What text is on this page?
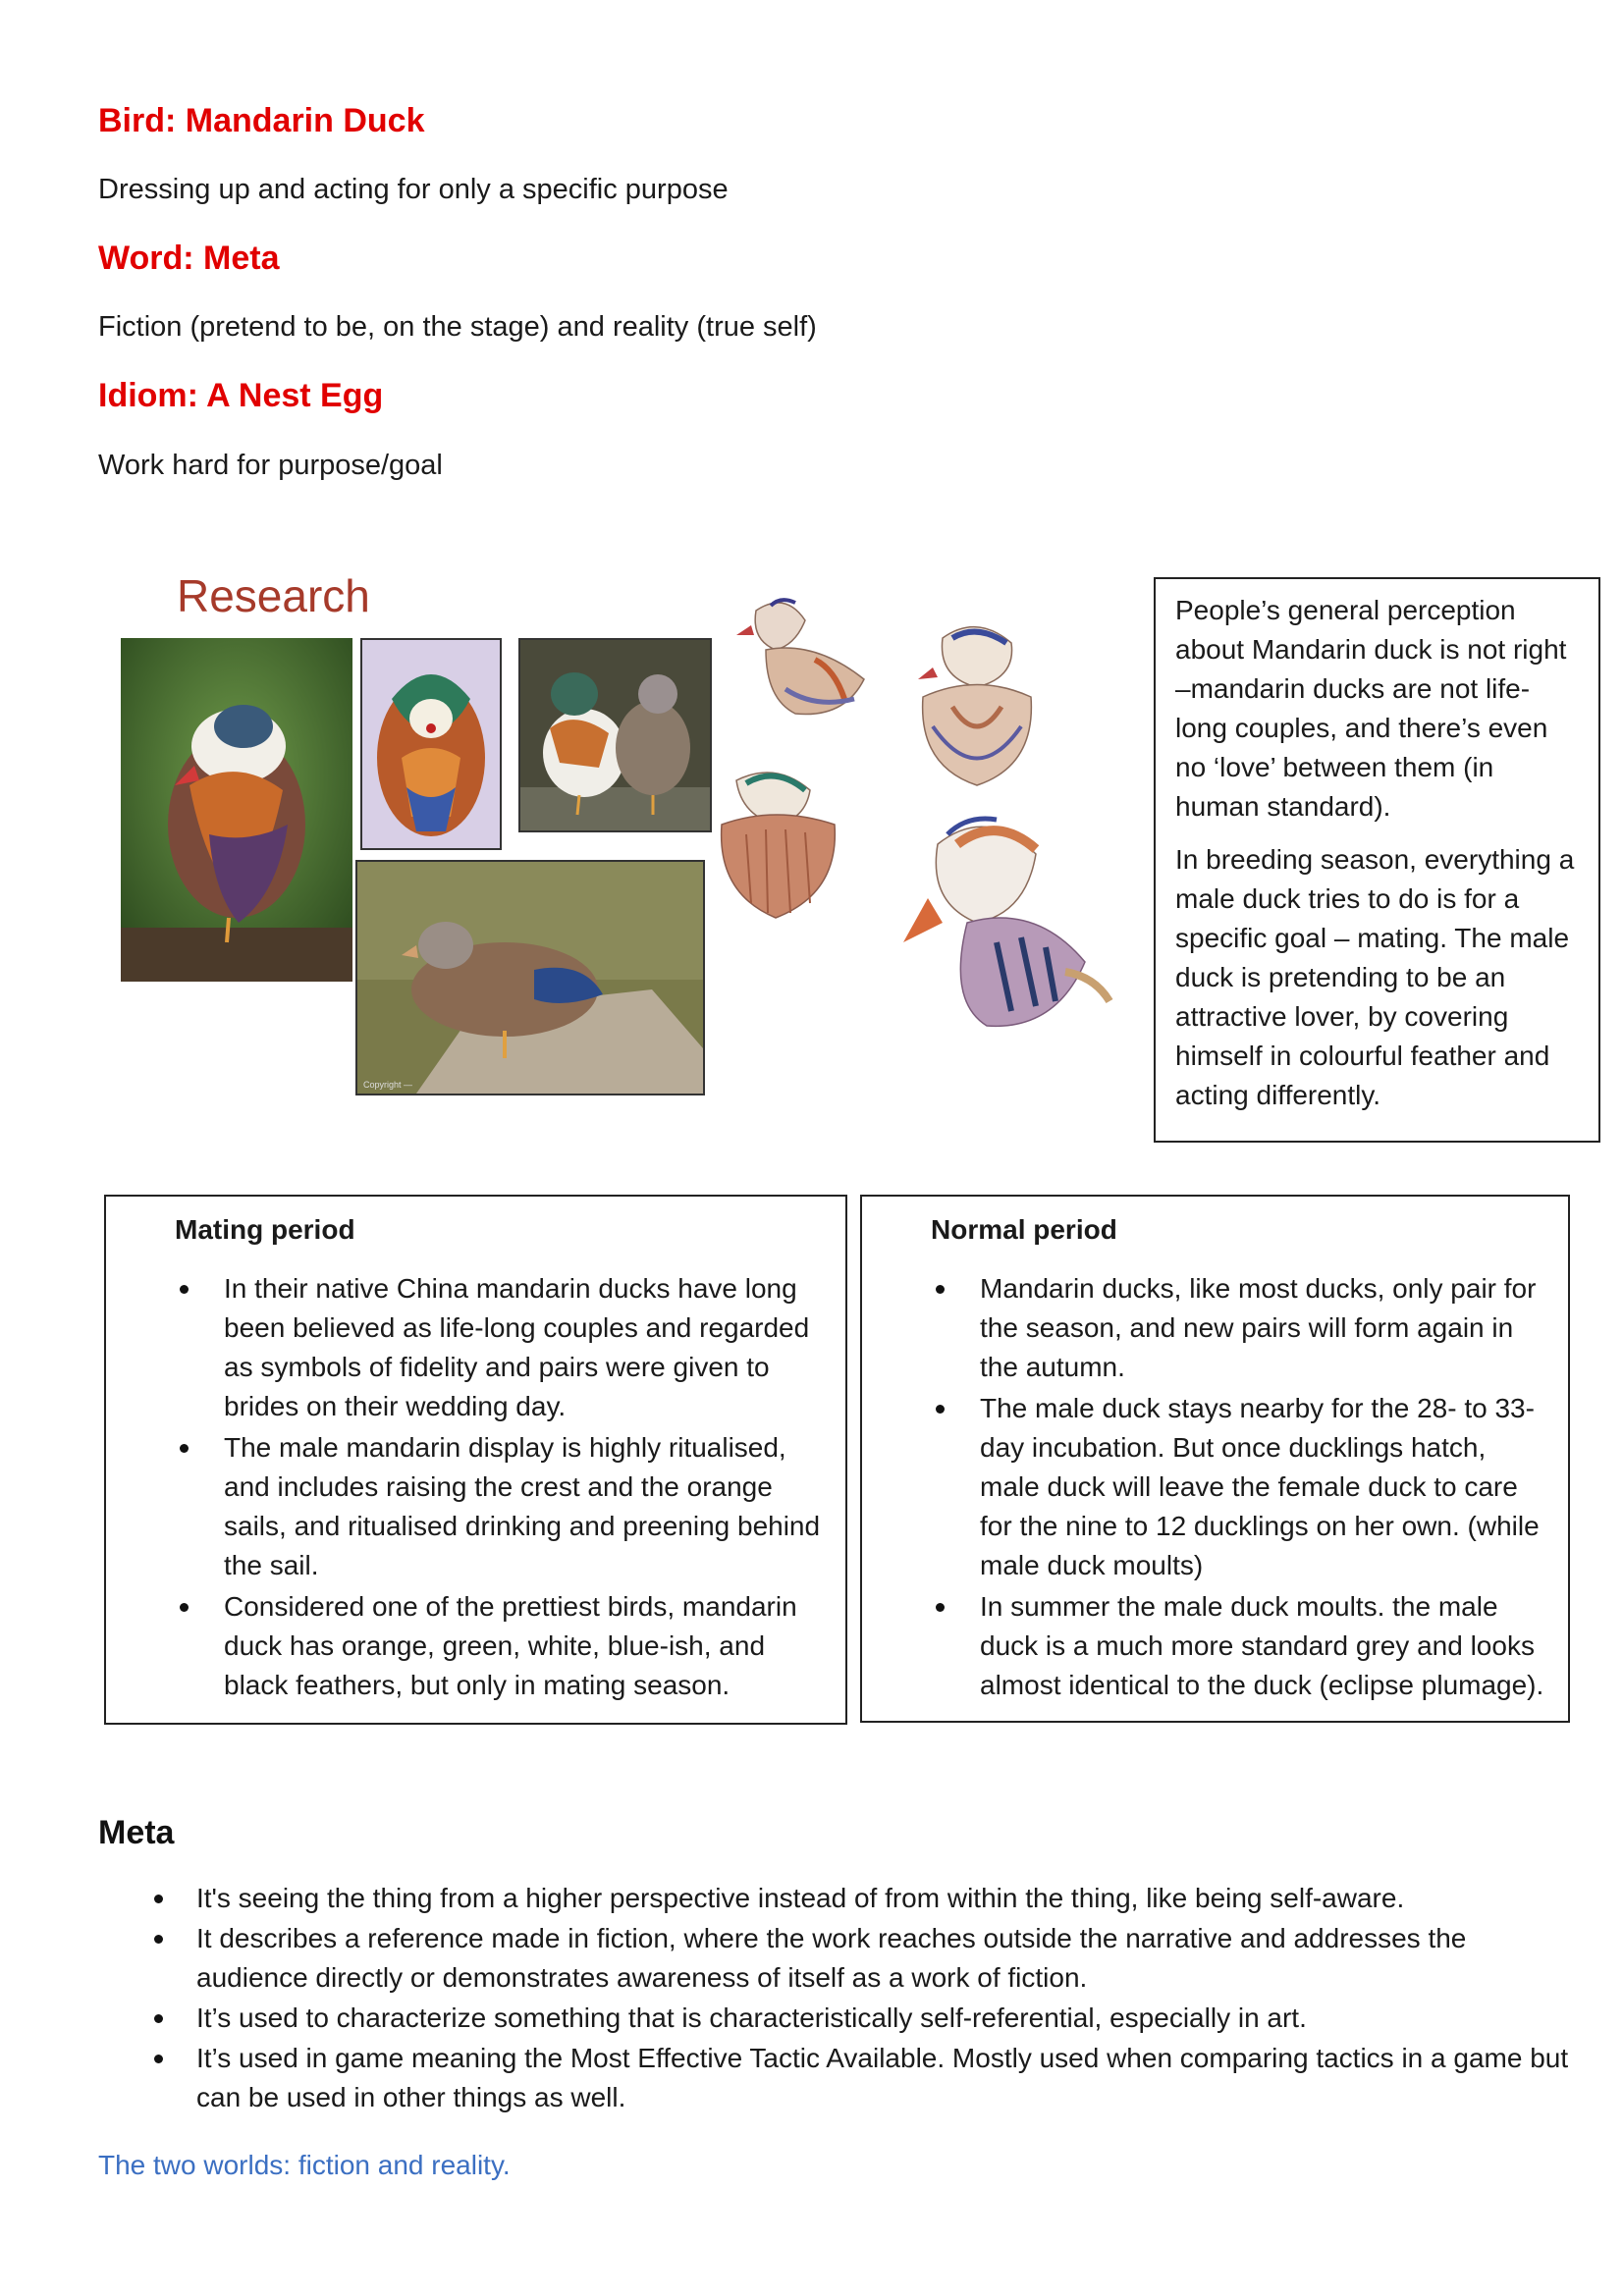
Bird: Mandarin Duck
Dressing up and acting for only a specific purpose
Word: Meta
Fiction (pretend to be, on the stage) and reality (true self)
Idiom: A Nest Egg
Work hard for purpose/goal
Research
Copyright —

People’s general perception about Mandarin duck is not right –mandarin ducks are not life-long couples, and there’s even no ‘love’ between them (in human standard).

In breeding season, everything a male duck tries to do is for a specific goal – mating. The male duck is pretending to be an attractive lover, by covering himself in colourful feather and acting differently.

Mating period
In their native China mandarin ducks have long been believed as life-long couples and regarded as symbols of fidelity and pairs were given to brides on their wedding day.
The male mandarin display is highly ritualised, and includes raising the crest and the orange sails, and ritualised drinking and preening behind the sail.
Considered one of the prettiest birds, mandarin duck has orange, green, white, blue-ish, and black feathers, but only in mating season.
Normal period
Mandarin ducks, like most ducks, only pair for the season, and new pairs will form again in the autumn.
The male duck stays nearby for the 28- to 33-day incubation. But once ducklings hatch, male duck will leave the female duck to care for the nine to 12 ducklings on her own. (while male duck moults)
In summer the male duck moults. the male duck is a much more standard grey and looks almost identical to the duck (eclipse plumage).
Meta
It's seeing the thing from a higher perspective instead of from within the thing, like being self-aware.
It describes a reference made in fiction, where the work reaches outside the narrative and addresses the audience directly or demonstrates awareness of itself as a work of fiction.
It’s used to characterize something that is characteristically self-referential, especially in art.
It’s used in game meaning the Most Effective Tactic Available. Mostly used when comparing tactics in a game but can be used in other things as well.
The two worlds: fiction and reality.
